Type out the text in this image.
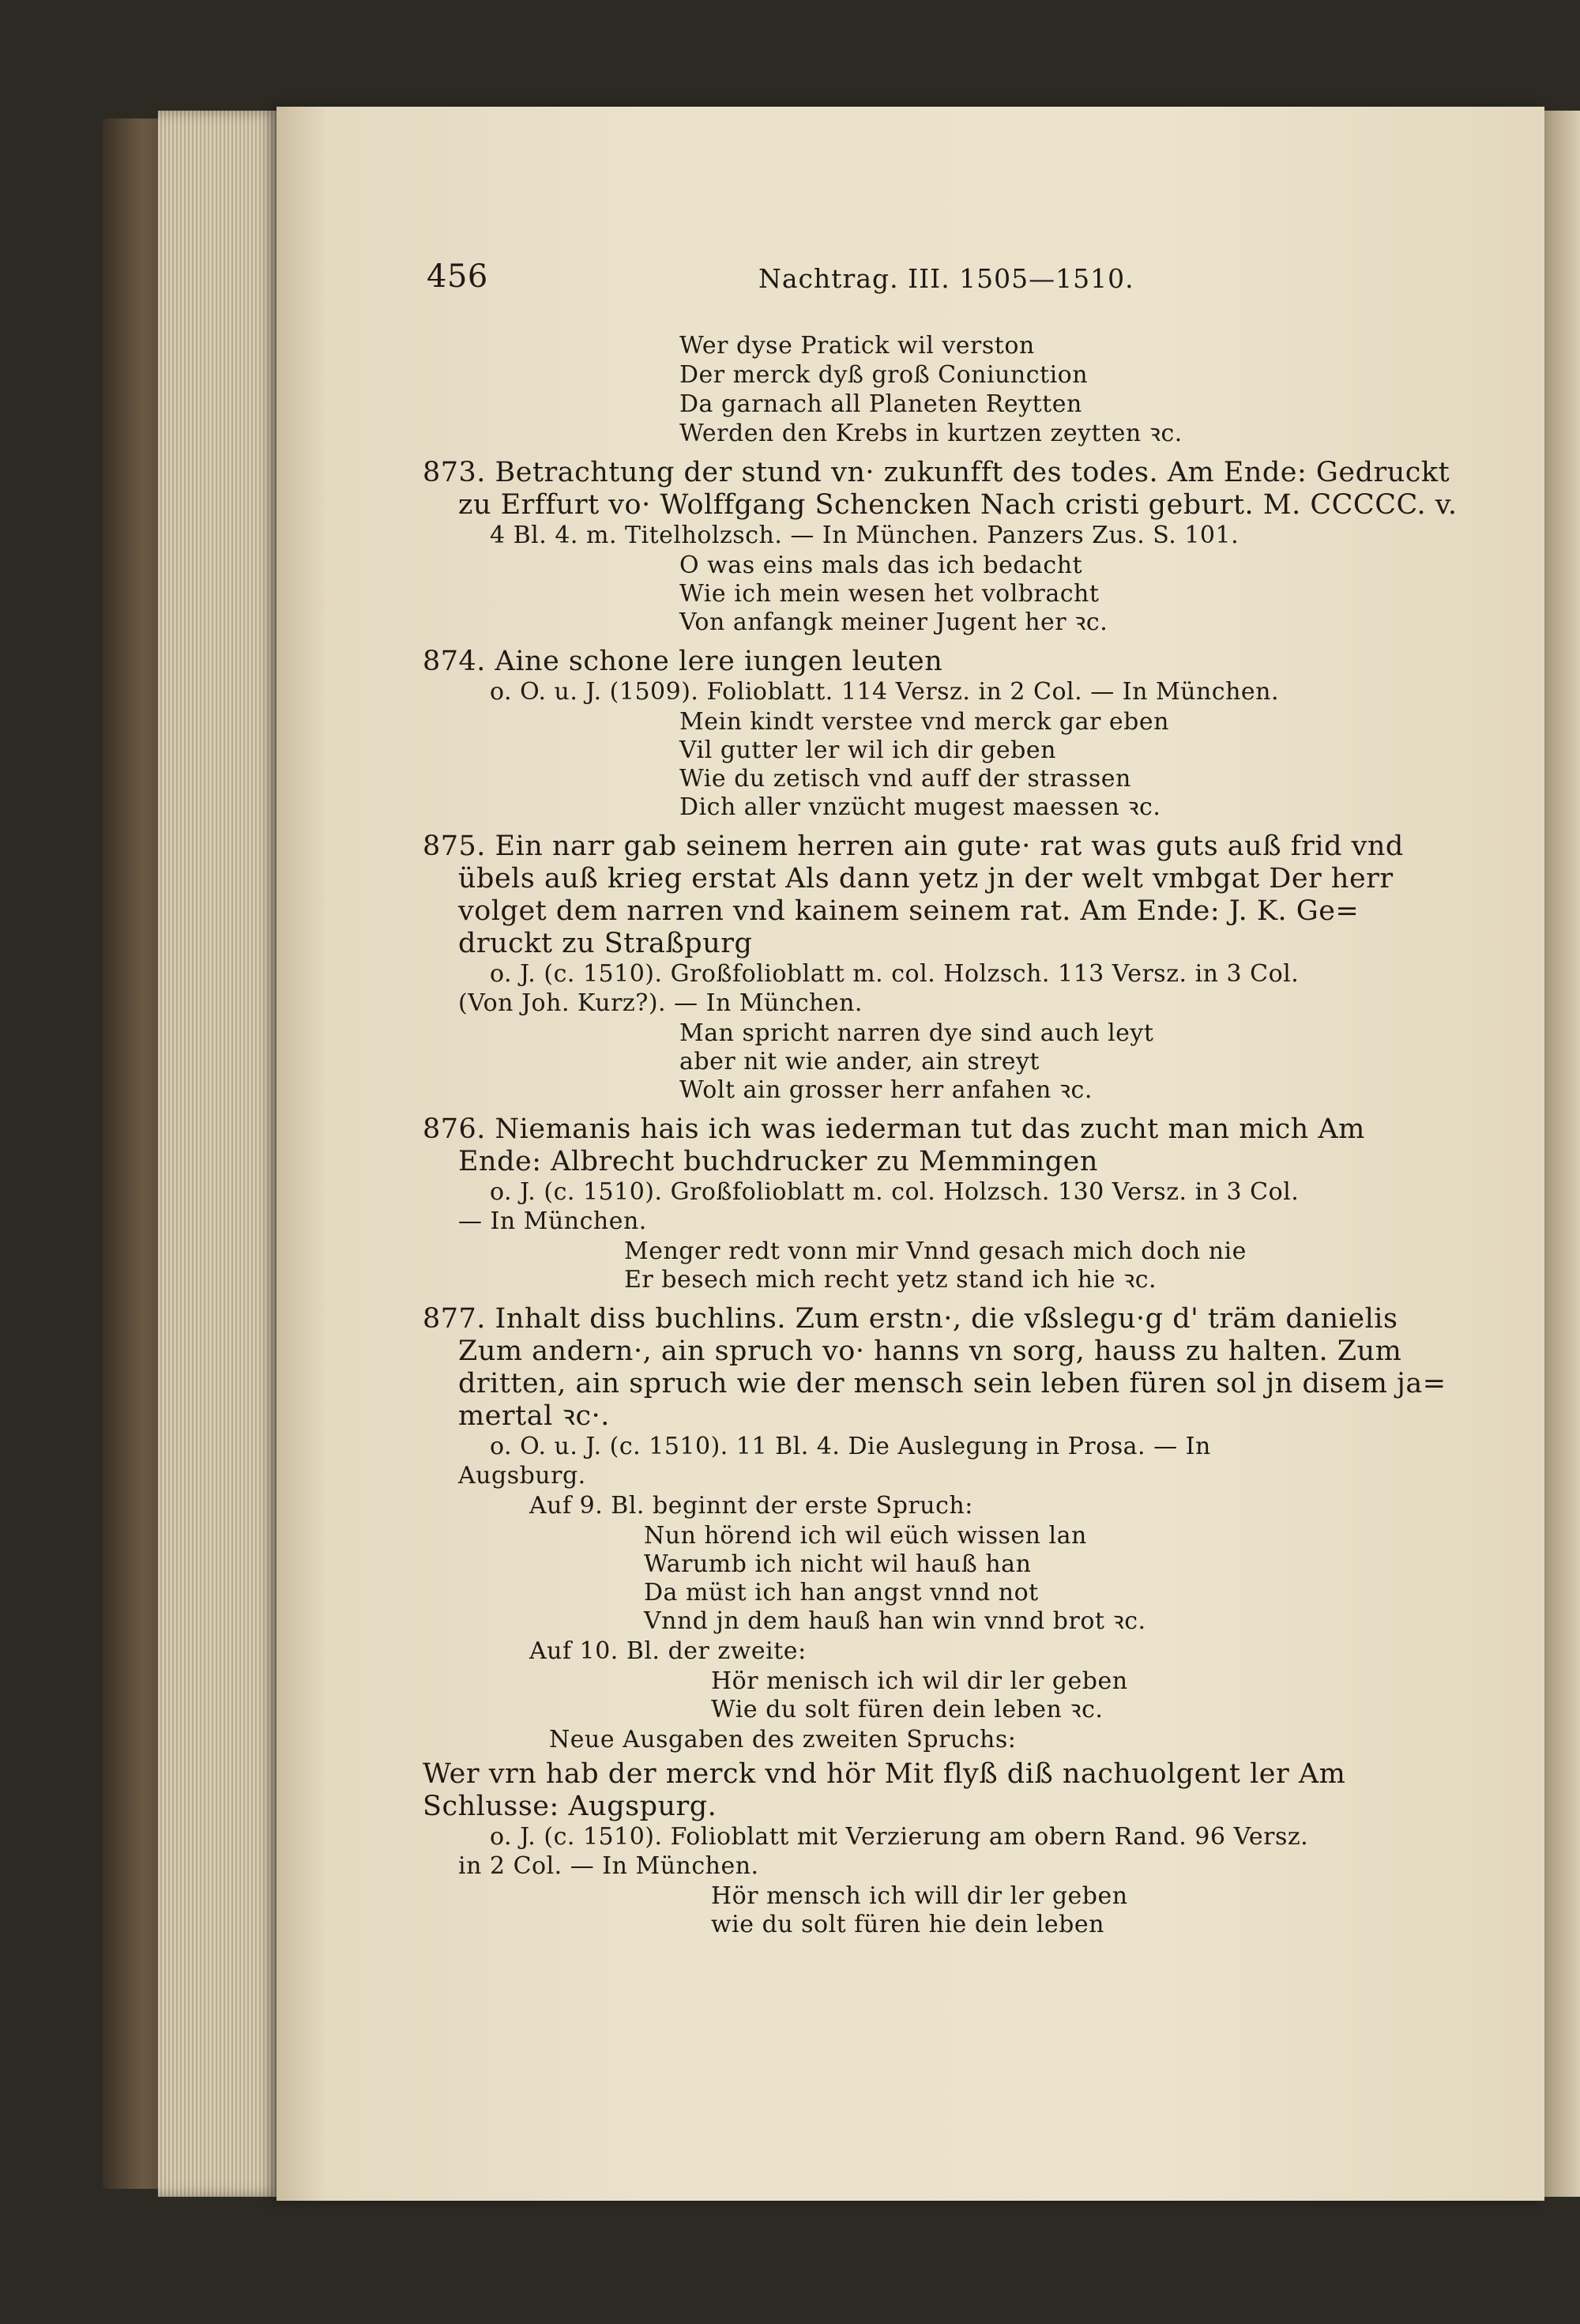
456	Nachtrag. III. 1505—1510.
Wer dyse Pratick wil verston
Der merck dyß groß Coniunction
Da garnach all Planeten Reytten
Werden den Krebs in kurtzen zeytten ꝛc.
873. Betrachtung der stund vn· zukunfft des todes. Am Ende: Gedruckt
zu Erffurt vo· Wolffgang Schencken Nach cristi geburt. M. CCCCC. v.
4 Bl. 4. m. Titelholzsch. — In München. Panzers Zus. S. 101.
O was eins mals das ich bedacht
Wie ich mein wesen het volbracht
Von anfangk meiner Jugent her ꝛc.
874. Aine schone lere iungen leuten
o. O. u. J. (1509). Folioblatt. 114 Versz. in 2 Col. — In München.
Mein kindt verstee vnd merck gar eben
Vil gutter ler wil ich dir geben
Wie du zetisch vnd auff der strassen
Dich aller vnzücht mugest maessen ꝛc.
875. Ein narr gab seinem herren ain gute· rat was guts auß frid vnd
übels auß krieg erstat Als dann yetz jn der welt vmbgat Der herr
volget dem narren vnd kainem seinem rat. Am Ende: J. K. Ge=
druckt zu Straßpurg
o. J. (c. 1510). Großfolioblatt m. col. Holzsch. 113 Versz. in 3 Col.
(Von Joh. Kurz?). — In München.
Man spricht narren dye sind auch leyt
aber nit wie ander, ain streyt
Wolt ain grosser herr anfahen ꝛc.
876. Niemanis hais ich was iederman tut das zucht man mich Am
Ende: Albrecht buchdrucker zu Memmingen
o. J. (c. 1510). Großfolioblatt m. col. Holzsch. 130 Versz. in 3 Col.
— In München.
Menger redt vonn mir Vnnd gesach mich doch nie
Er besech mich recht yetz stand ich hie ꝛc.
877. Inhalt diss buchlins. Zum erstn·, die vßslegu·g d' träm danielis
Zum andern·, ain spruch vo· hanns vn sorg, hauss zu halten. Zum
dritten, ain spruch wie der mensch sein leben füren sol jn disem ja=
mertal ꝛc·.
o. O. u. J. (c. 1510). 11 Bl. 4. Die Auslegung in Prosa. — In
Augsburg.
Auf 9. Bl. beginnt der erste Spruch:
Nun hörend ich wil eüch wissen lan
Warumb ich nicht wil hauß han
Da müst ich han angst vnnd not
Vnnd jn dem hauß han win vnnd brot ꝛc.
Auf 10. Bl. der zweite:
Hör menisch ich wil dir ler geben
Wie du solt füren dein leben ꝛc.
Neue Ausgaben des zweiten Spruchs:
Wer vrn hab der merck vnd hör Mit flyß diß nachuolgent ler Am
Schlusse: Augspurg.
o. J. (c. 1510). Folioblatt mit Verzierung am obern Rand. 96 Versz.
in 2 Col. — In München.
Hör mensch ich will dir ler geben
wie du solt füren hie dein leben
